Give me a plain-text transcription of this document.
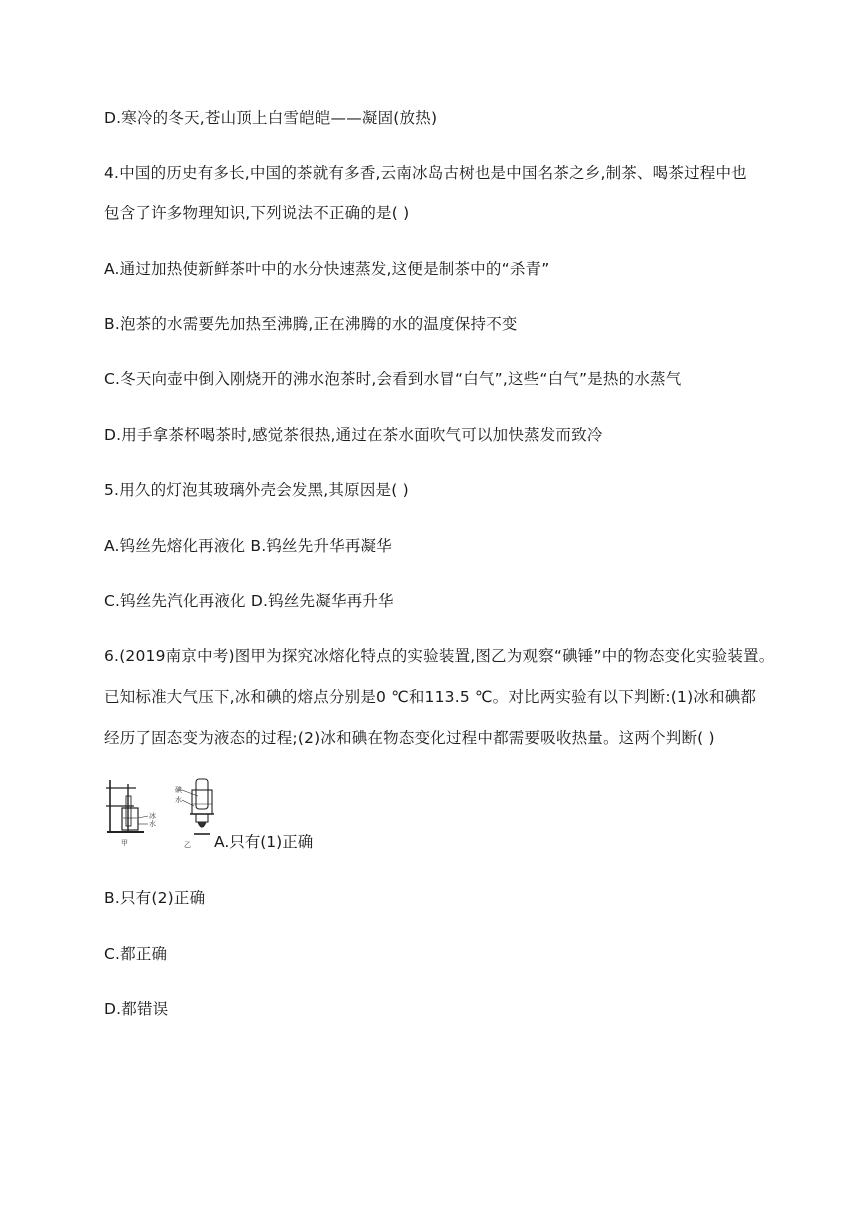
D.寒冷的冬天,苍山顶上白雪皑皑——凝固(放热)
4.中国的历史有多长,中国的茶就有多香,云南冰岛古树也是中国名茶之乡,制茶、喝茶过程中也
包含了许多物理知识,下列说法不正确的是( )
A.通过加热使新鲜茶叶中的水分快速蒸发,这便是制茶中的“杀青”
B.泡茶的水需要先加热至沸腾,正在沸腾的水的温度保持不变
C.冬天向壶中倒入刚烧开的沸水泡茶时,会看到水冒“白气”,这些“白气”是热的水蒸气
D.用手拿茶杯喝茶时,感觉茶很热,通过在茶水面吹气可以加快蒸发而致冷
5.用久的灯泡其玻璃外壳会发黑,其原因是( )
A.钨丝先熔化再液化 B.钨丝先升华再凝华
C.钨丝先汽化再液化 D.钨丝先凝华再升华
6.(2019南京中考)图甲为探究冰熔化特点的实验装置,图乙为观察“碘锤”中的物态变化实验装置。
已知标准大气压下,冰和碘的熔点分别是0 ℃和113.5 ℃。对比两实验有以下判断:(1)冰和碘都
经历了固态变为液态的过程;(2)冰和碘在物态变化过程中都需要吸收热量。这两个判断( )
冰
水
甲
碘
水
乙 A.只有(1)正确
B.只有(2)正确
C.都正确
D.都错误
